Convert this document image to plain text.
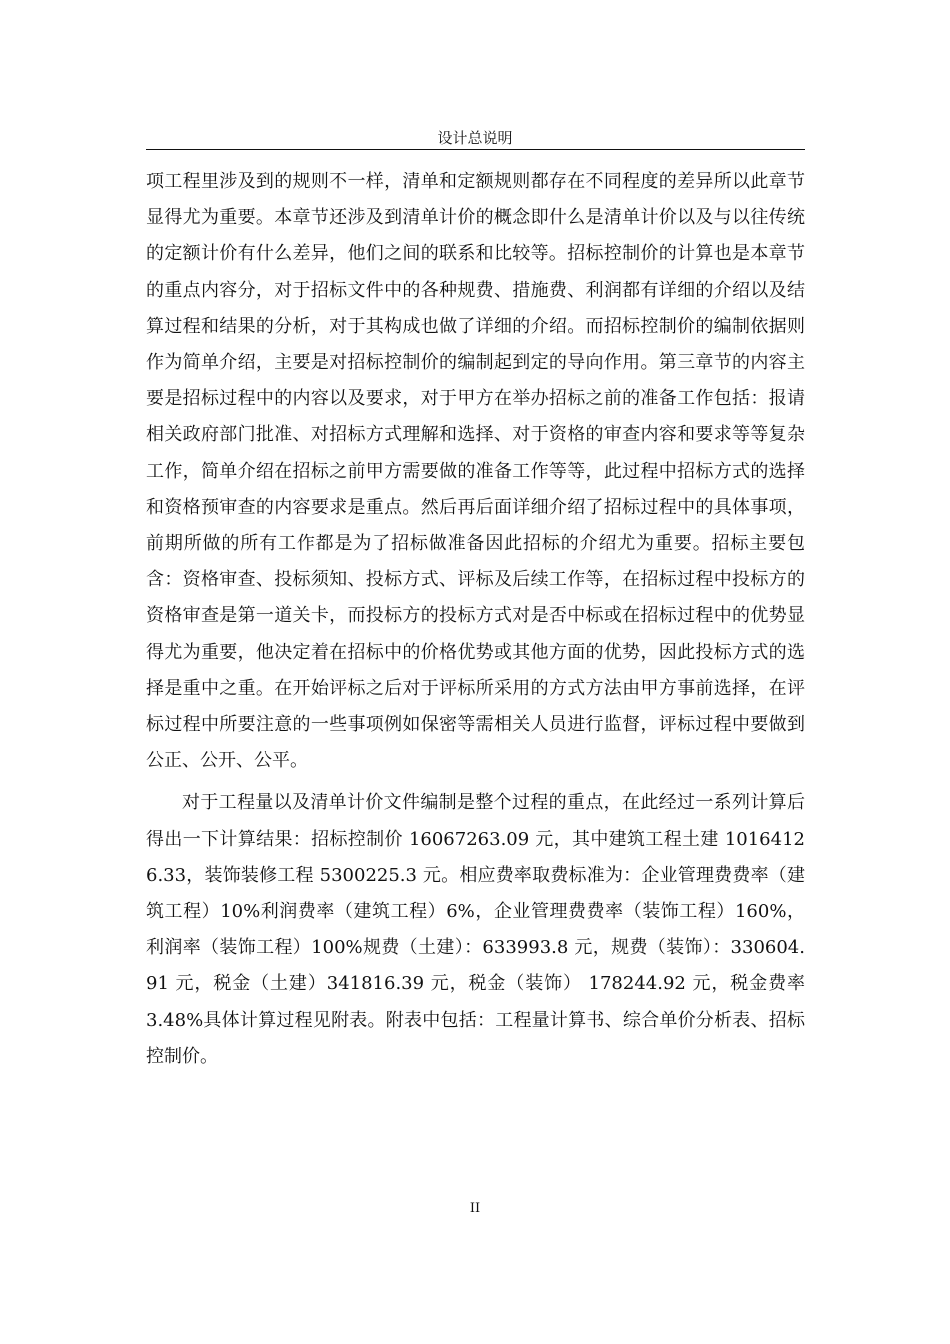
设计总说明

项工程里涉及到的规则不一样，清单和定额规则都存在不同程度的差异所以此章节显得尤为重要。本章节还涉及到清单计价的概念即什么是清单计价以及与以往传统的定额计价有什么差异，他们之间的联系和比较等。招标控制价的计算也是本章节的重点内容分，对于招标文件中的各种规费、措施费、利润都有详细的介绍以及结算过程和结果的分析，对于其构成也做了详细的介绍。而招标控制价的编制依据则作为简单介绍，主要是对招标控制价的编制起到定的导向作用。第三章节的内容主要是招标过程中的内容以及要求，对于甲方在举办招标之前的准备工作包括：报请相关政府部门批准、对招标方式理解和选择、对于资格的审查内容和要求等等复杂工作，简单介绍在招标之前甲方需要做的准备工作等等，此过程中招标方式的选择和资格预审查的内容要求是重点。然后再后面详细介绍了招标过程中的具体事项，前期所做的所有工作都是为了招标做准备因此招标的介绍尤为重要。招标主要包含：资格审查、投标须知、投标方式、评标及后续工作等，在招标过程中投标方的资格审查是第一道关卡，而投标方的投标方式对是否中标或在招标过程中的优势显得尤为重要，他决定着在招标中的价格优势或其他方面的优势，因此投标方式的选择是重中之重。在开始评标之后对于评标所采用的方式方法由甲方事前选择，在评标过程中所要注意的一些事项例如保密等需相关人员进行监督，评标过程中要做到公正、公开、公平。

对于工程量以及清单计价文件编制是整个过程的重点，在此经过一系列计算后得出一下计算结果：招标控制价 16067263.09 元，其中建筑工程土建 10164126.33，装饰装修工程 5300225.3 元。相应费率取费标准为：企业管理费费率（建筑工程）10%利润费率（建筑工程）6%，企业管理费费率（装饰工程）160%，利润率（装饰工程）100%规费（土建）：633993.8 元，规费（装饰）：330604.91 元，税金（土建）341816.39 元，税金（装饰） 178244.92 元，税金费率 3.48%具体计算过程见附表。附表中包括：工程量计算书、综合单价分析表、招标控制价。

II
